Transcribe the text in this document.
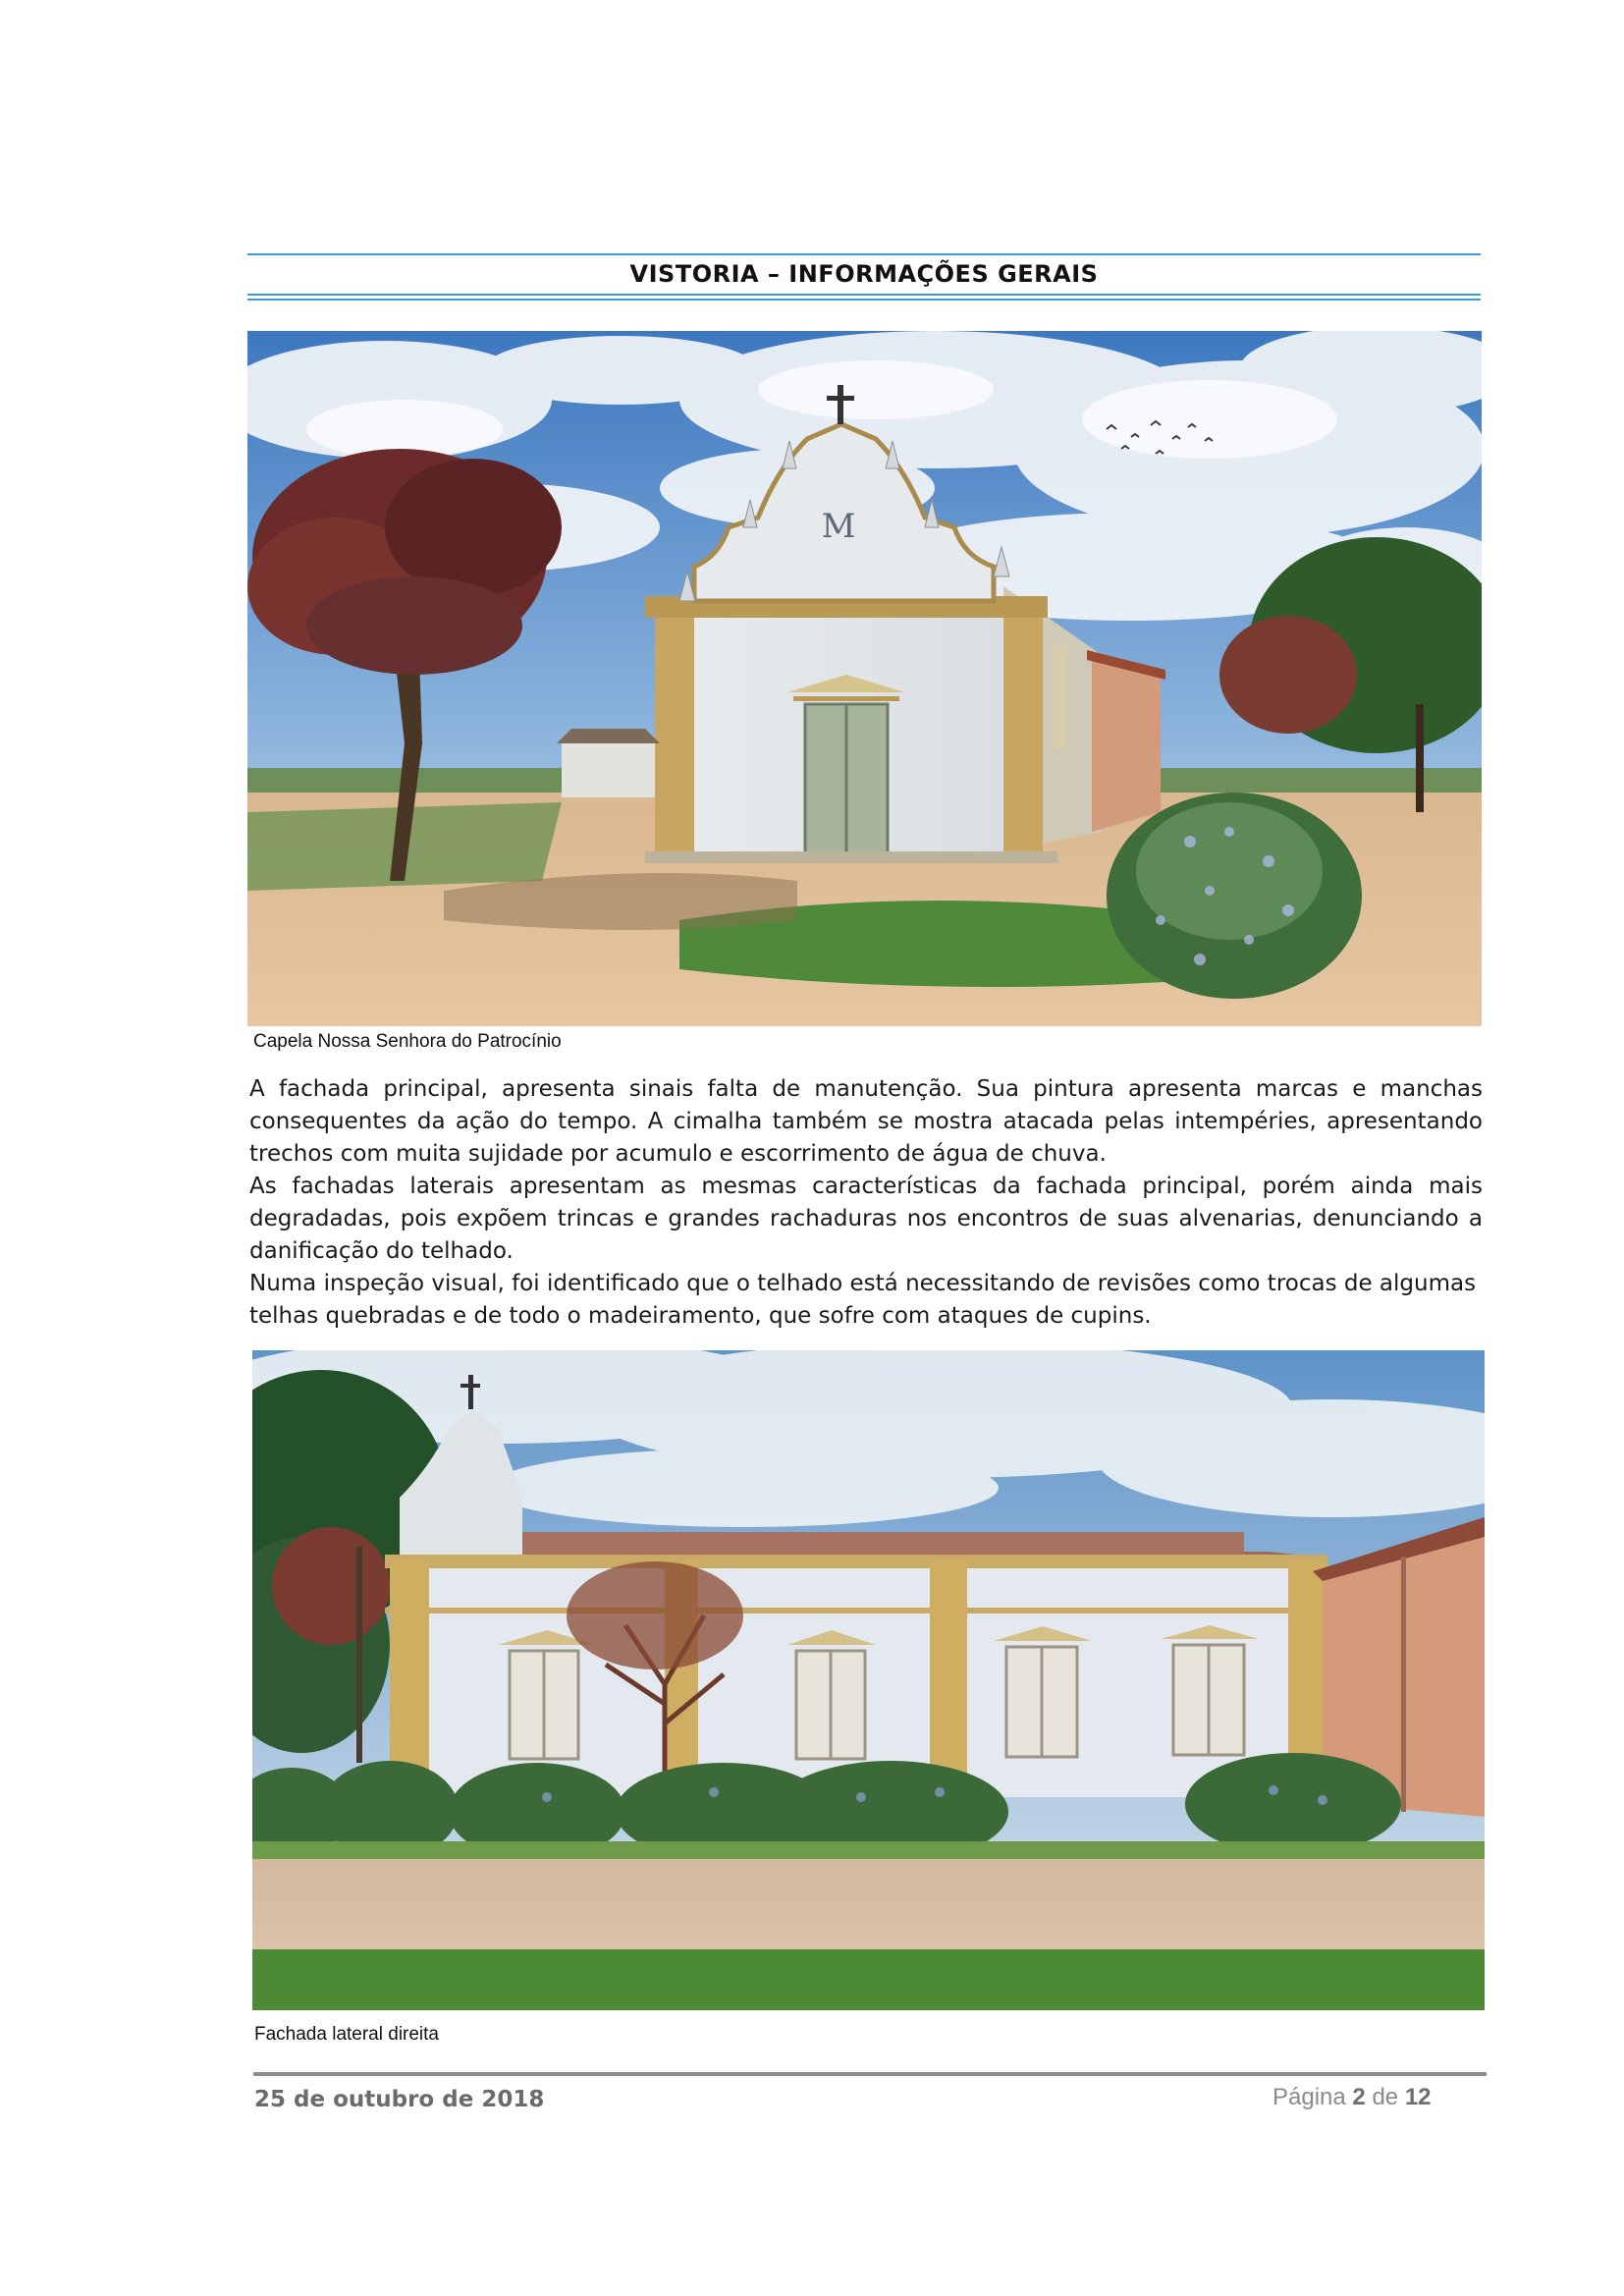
VISTORIA – INFORMAÇÕES GERAIS
M
Capela Nossa Senhora do Patrocínio

A fachada principal, apresenta sinais falta de manutenção. Sua pintura apresenta marcas e manchas consequentes da ação do tempo. A cimalha também se mostra atacada pelas intempéries, apresentando trechos com muita sujidade por acumulo e escorrimento de água de chuva.

As fachadas laterais apresentam as mesmas características da fachada principal, porém ainda mais degradadas, pois expõem trincas e grandes rachaduras nos encontros de suas alvenarias, denunciando a danificação do telhado.

Numa inspeção visual, foi identificado que o telhado está necessitando de revisões como trocas de algumas telhas quebradas e de todo o madeiramento, que sofre com ataques de cupins.

Fachada lateral direita
25 de outubro de 2018	Página 2 de 12
